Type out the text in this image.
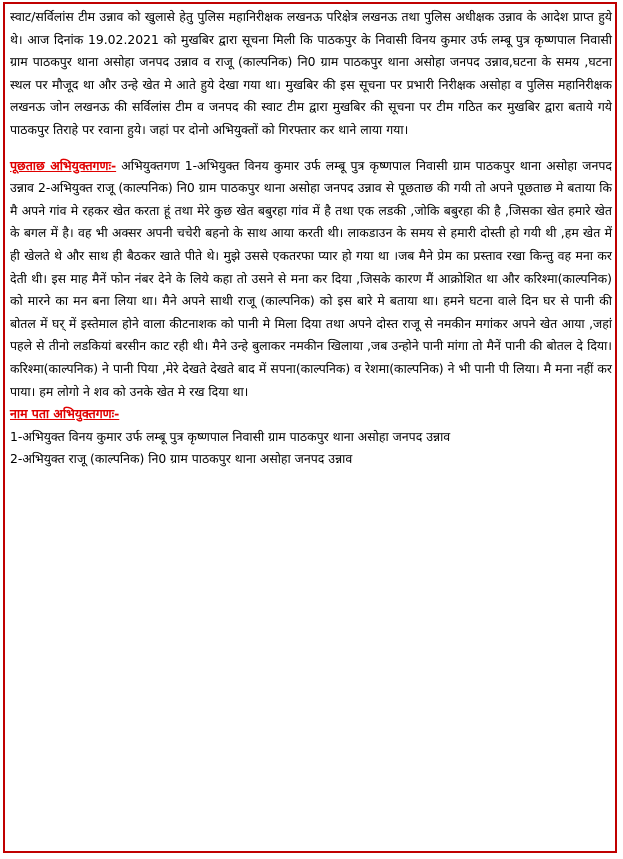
स्वाट/सर्विलांस टीम उन्नाव को खुलासे हेतु पुलिस महानिरीक्षक लखनऊ परिक्षेत्र लखनऊ तथा पुलिस अधीक्षक उन्नाव के आदेश प्राप्त हुये थे। आज दिनांक 19.02.2021 को मुखबिर द्वारा सूचना मिली कि पाठकपुर के निवासी विनय कुमार उर्फ लम्बू पुत्र कृष्णपाल निवासी ग्राम पाठकपुर थाना असोहा जनपद उन्नाव व राजू (काल्पनिक) नि0 ग्राम पाठकपुर थाना असोहा जनपद उन्नाव,घटना के समय ,घटना स्थल पर मौजूद था और उन्हे खेत मे आते हुये देखा गया था। मुखबिर की इस सूचना पर प्रभारी निरीक्षक असोहा व पुलिस महानिरीक्षक लखनऊ जोन लखनऊ की सर्विलांस टीम व जनपद की स्वाट टीम द्वारा मुखबिर की सूचना पर टीम गठित कर मुखबिर द्वारा बताये गये पाठकपुर तिराहे पर रवाना हुये। जहां पर दोनो अभियुक्तों को गिरफ्तार कर थाने लाया गया।

पूछताछ अभियुक्तगणः- अभियुक्तगण 1-अभियुक्त विनय कुमार उर्फ लम्बू पुत्र कृष्णपाल निवासी ग्राम पाठकपुर थाना असोहा जनपद उन्नाव 2-अभियुक्त राजू (काल्पनिक) नि0 ग्राम पाठकपुर थाना असोहा जनपद उन्नाव से पूछताछ की गयी तो अपने पूछताछ मे बताया कि मै अपने गांव मे रहकर खेत करता हूं तथा मेरे कुछ खेत बबुरहा गांव में है तथा एक लडकी ,जोकि बबुरहा की है ,जिसका खेत हमारे खेत के बगल में है। वह भी अक्सर अपनी चचेरी बहनो के साथ आया करती थी। लाकडाउन के समय से हमारी दोस्ती हो गयी थी ,हम खेत में ही खेलते थे और साथ ही बैठकर खाते पीते थे। मुझे उससे एकतरफा प्यार हो गया था ।जब मैने प्रेम का प्रस्ताव रखा किन्तु वह मना कर देती थी। इस माह मैनें फोन नंबर देने के लिये कहा तो उसने से मना कर दिया ,जिसके कारण मैं आक्रोशित था और करिश्मा(काल्पनिक) को मारने का मन बना लिया था। मैने अपने साथी राजू (काल्पनिक) को इस बारे मे बताया था। हमने घटना वाले दिन घर से पानी की बोतल में घर् में इस्तेमाल होने वाला कीटनाशक को पानी मे मिला दिया तथा अपने दोस्त राजू से नमकीन मगांकर अपने खेत आया ,जहां पहले से तीनो लडकियां बरसीन काट रही थी। मैने उन्हे बुलाकर नमकीन खिलाया ,जब उन्होने पानी मांगा तो मैनें पानी की बोतल दे दिया। करिश्मा(काल्पनिक) ने पानी पिया ,मेरे देखते देखते बाद में सपना(काल्पनिक) व रेशमा(काल्पनिक) ने भी पानी पी लिया। मै मना नहीं कर पाया। हम लोगो ने शव को उनके खेत मे रख दिया था।

नाम पता अभियुक्तगणः-

1-अभियुक्त विनय कुमार उर्फ लम्बू पुत्र कृष्णपाल निवासी ग्राम पाठकपुर थाना असोहा जनपद उन्नाव

2-अभियुक्त राजू (काल्पनिक) नि0 ग्राम पाठकपुर थाना असोहा जनपद उन्नाव
